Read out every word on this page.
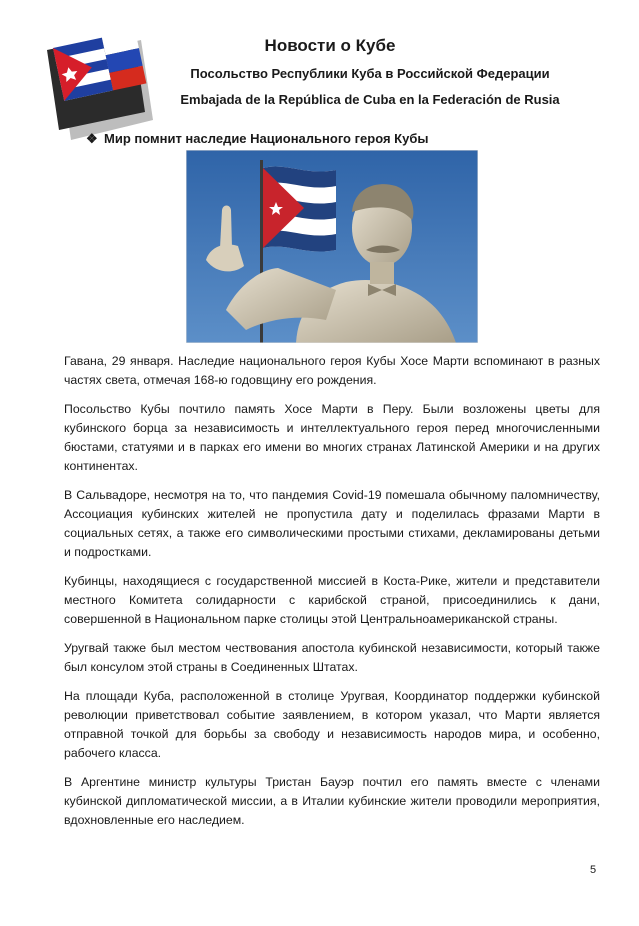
Новости о Кубе
Посольство Республики Куба в Российской Федерации
Embajada de la República de Cuba en la Federación de Rusia
❖ Мир помнит наследие Национального героя Кубы

Гавана, 29 января. Наследие национального героя Кубы Хосе Марти вспоминают в разных частях света, отмечая 168-ю годовщину его рождения.

Посольство Кубы почтило память Хосе Марти в Перу. Были возложены цветы для кубинского борца за независимость и интеллектуального героя перед многочисленными бюстами, статуями и в парках его имени во многих странах Латинской Америки и на других континентах.

В Сальвадоре, несмотря на то, что пандемия Covid-19 помешала обычному паломничеству, Ассоциация кубинских жителей не пропустила дату и поделилась фразами Марти в социальных сетях, а также его символическими простыми стихами, декламированы детьми и подростками.

Кубинцы, находящиеся с государственной миссией в Коста-Рике, жители и представители местного Комитета солидарности с карибской страной, присоединились к дани, совершенной в Национальном парке столицы этой Центральноамериканской страны.

Уругвай также был местом чествования апостола кубинской независимости, который также был консулом этой страны в Соединенных Штатах.

На площади Куба, расположенной в столице Уругвая, Координатор поддержки кубинской революции приветствовал событие заявлением, в котором указал, что Марти является отправной точкой для борьбы за свободу и независимость народов мира, и особенно, рабочего класса.

В Аргентине министр культуры Тристан Бауэр почтил его память вместе с членами кубинской дипломатической миссии, а в Италии кубинские жители проводили мероприятия, вдохновленные его наследием.

5
